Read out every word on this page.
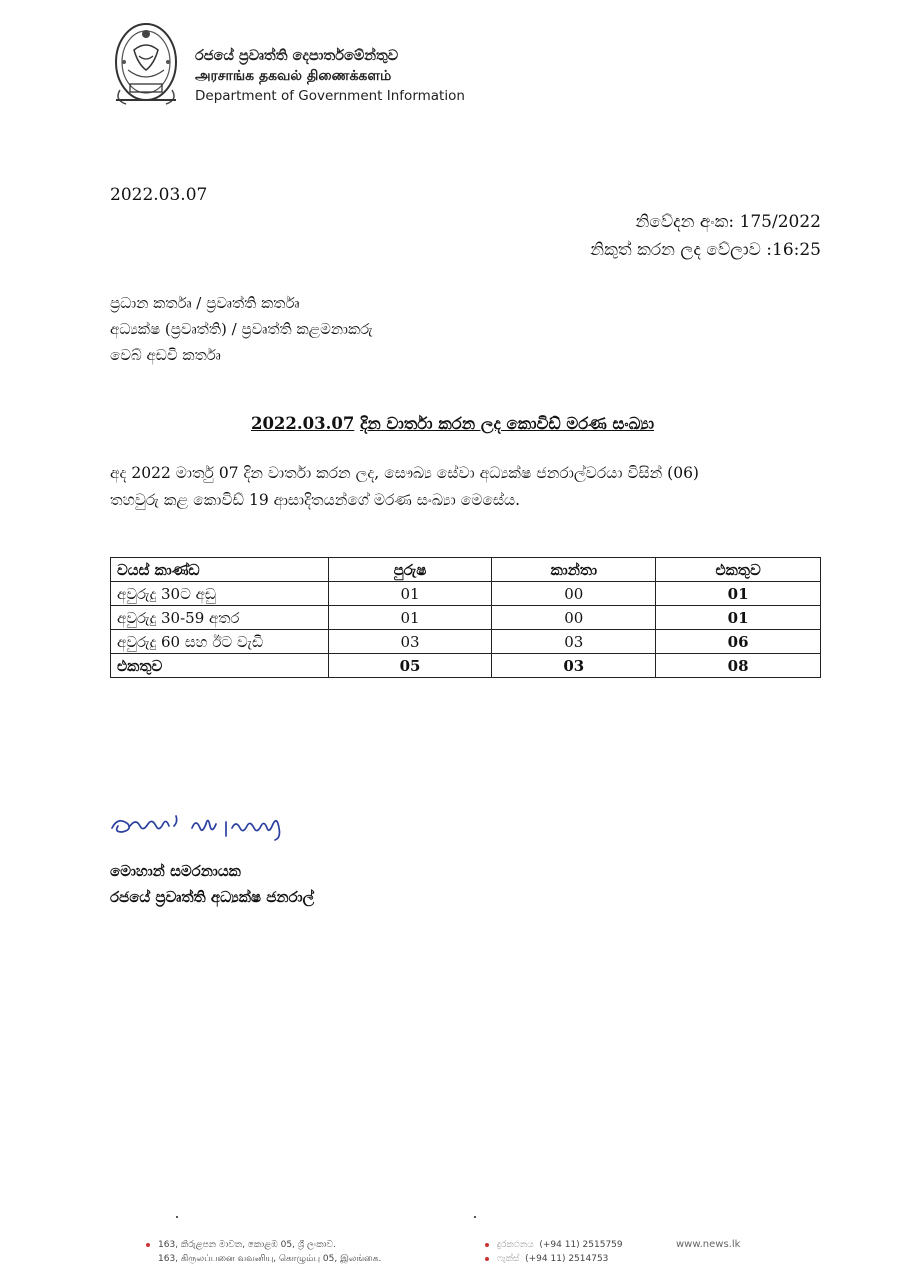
රජයේ ප්‍රවෘත්ති දෙපාර්තමේන්තුව
அரசாங்க தகவல் திணைக்களம்
Department of Government Information
2022.03.07
නිවේදන අංක: 175/2022
නිකුත් කරන ලද වේලාව :16:25
ප්‍රධාන කර්තෘ / ප්‍රවෘත්ති කර්තෘ
අධ්‍යක්ෂ (ප්‍රවෘත්ති) / ප්‍රවෘත්ති කළමනාකරු
වෙබ් අඩවි කර්තෘ
2022.03.07 දින වාර්තා කරන ලද කොවිඩ් මරණ සංඛ්‍යා
අද 2022 මාර්තු 07 දින වාර්තා කරන ලද, සෞඛ්‍ය සේවා අධ්‍යක්ෂ ජනරාල්වරයා විසින් (06)
තහවුරු කළ කොවිඩ් 19 ආසාදිතයන්ගේ මරණ සංඛ්‍යා මෙසේය.
වයස් කාණ්ඩ	පුරුෂ	කාන්තා	එකතුව
අවුරුදු 30ට අඩු	01	00	01
අවුරුදු 30-59 අතර	01	00	01
අවුරුදු 60 සහ ඊට වැඩි	03	03	06
එකතුව	05	03	08
මොහාන් සමරනායක
රජයේ ප්‍රවෘත්ති අධ්‍යක්ෂ ජනරාල්
163, කිරුළපන මාවත, කොළඹ 05, ශ්‍රී ලංකාව.
163, கிருலப்பனை வவனியு, கொழும்பு 05, இலங்கை.
දුරකථනය (+94 11) 2515759
ෆැක්ස් (+94 11) 2514753
www.news.lk
